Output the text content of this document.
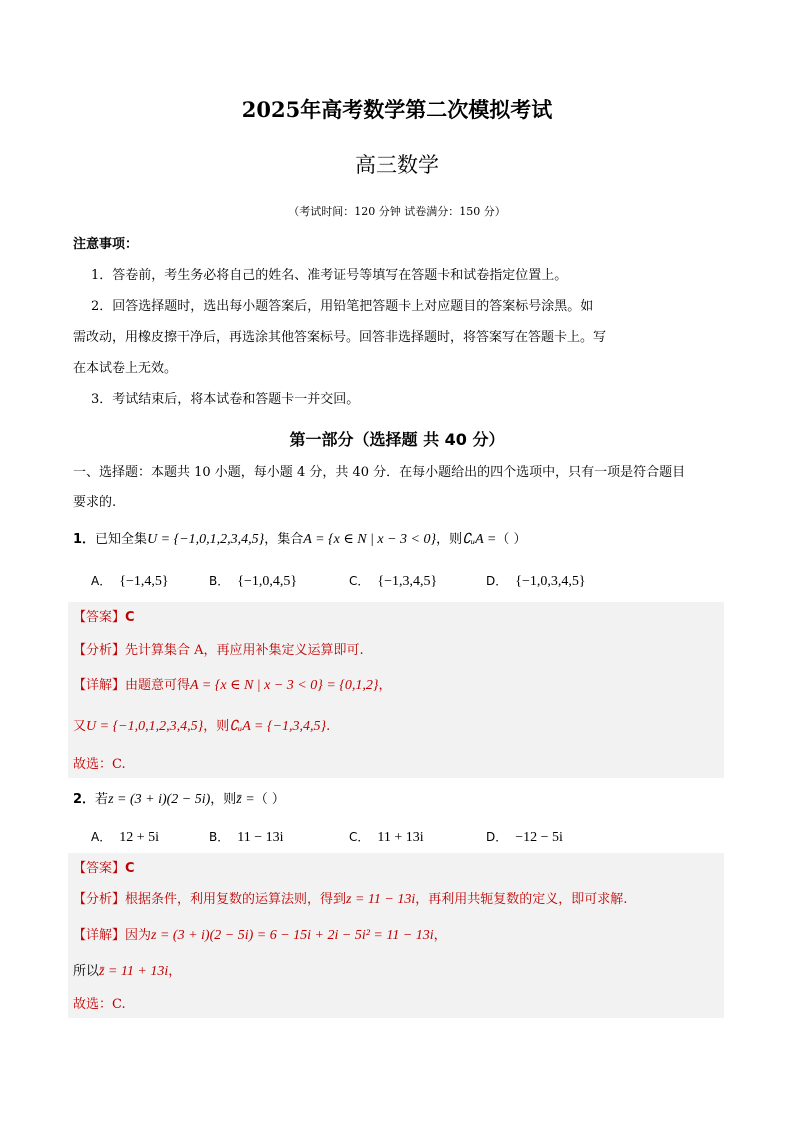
2025年高考数学第二次模拟考试
高三数学
（考试时间：120 分钟 试卷满分：150 分）
注意事项：
1．答卷前，考生务必将自己的姓名、准考证号等填写在答题卡和试卷指定位置上。
2．回答选择题时，选出每小题答案后，用铅笔把答题卡上对应题目的答案标号涂黑。如
需改动，用橡皮擦干净后，再选涂其他答案标号。回答非选择题时，将答案写在答题卡上。写
在本试卷上无效。
3．考试结束后，将本试卷和答题卡一并交回。
第一部分（选择题 共 40 分）
一、选择题：本题共 10 小题，每小题 4 分，共 40 分．在每小题给出的四个选项中，只有一项是符合题目
要求的.
1．已知全集U = {−1,0,1,2,3,4,5}，集合A = {x ∈ N | x − 3 < 0}，则∁ᵤA =（ ）
A． {−1,4,5}	B． {−1,0,4,5}	C． {−1,3,4,5}	D． {−1,0,3,4,5}
【答案】C
【分析】先计算集合 A，再应用补集定义运算即可.
【详解】由题意可得A = {x ∈ N | x − 3 < 0} = {0,1,2}，
又U = {−1,0,1,2,3,4,5}，则∁ᵤA = {−1,3,4,5}.
故选：C.
2．若z = (3 + i)(2 − 5i)，则z̄ =（ ）
A． 12 + 5i	B． 11 − 13i	C． 11 + 13i	D． −12 − 5i
【答案】C
【分析】根据条件，利用复数的运算法则，得到z = 11 − 13i，再利用共轭复数的定义，即可求解.
【详解】因为z = (3 + i)(2 − 5i) = 6 − 15i + 2i − 5i² = 11 − 13i，
所以z̄ = 11 + 13i，
故选：C.
